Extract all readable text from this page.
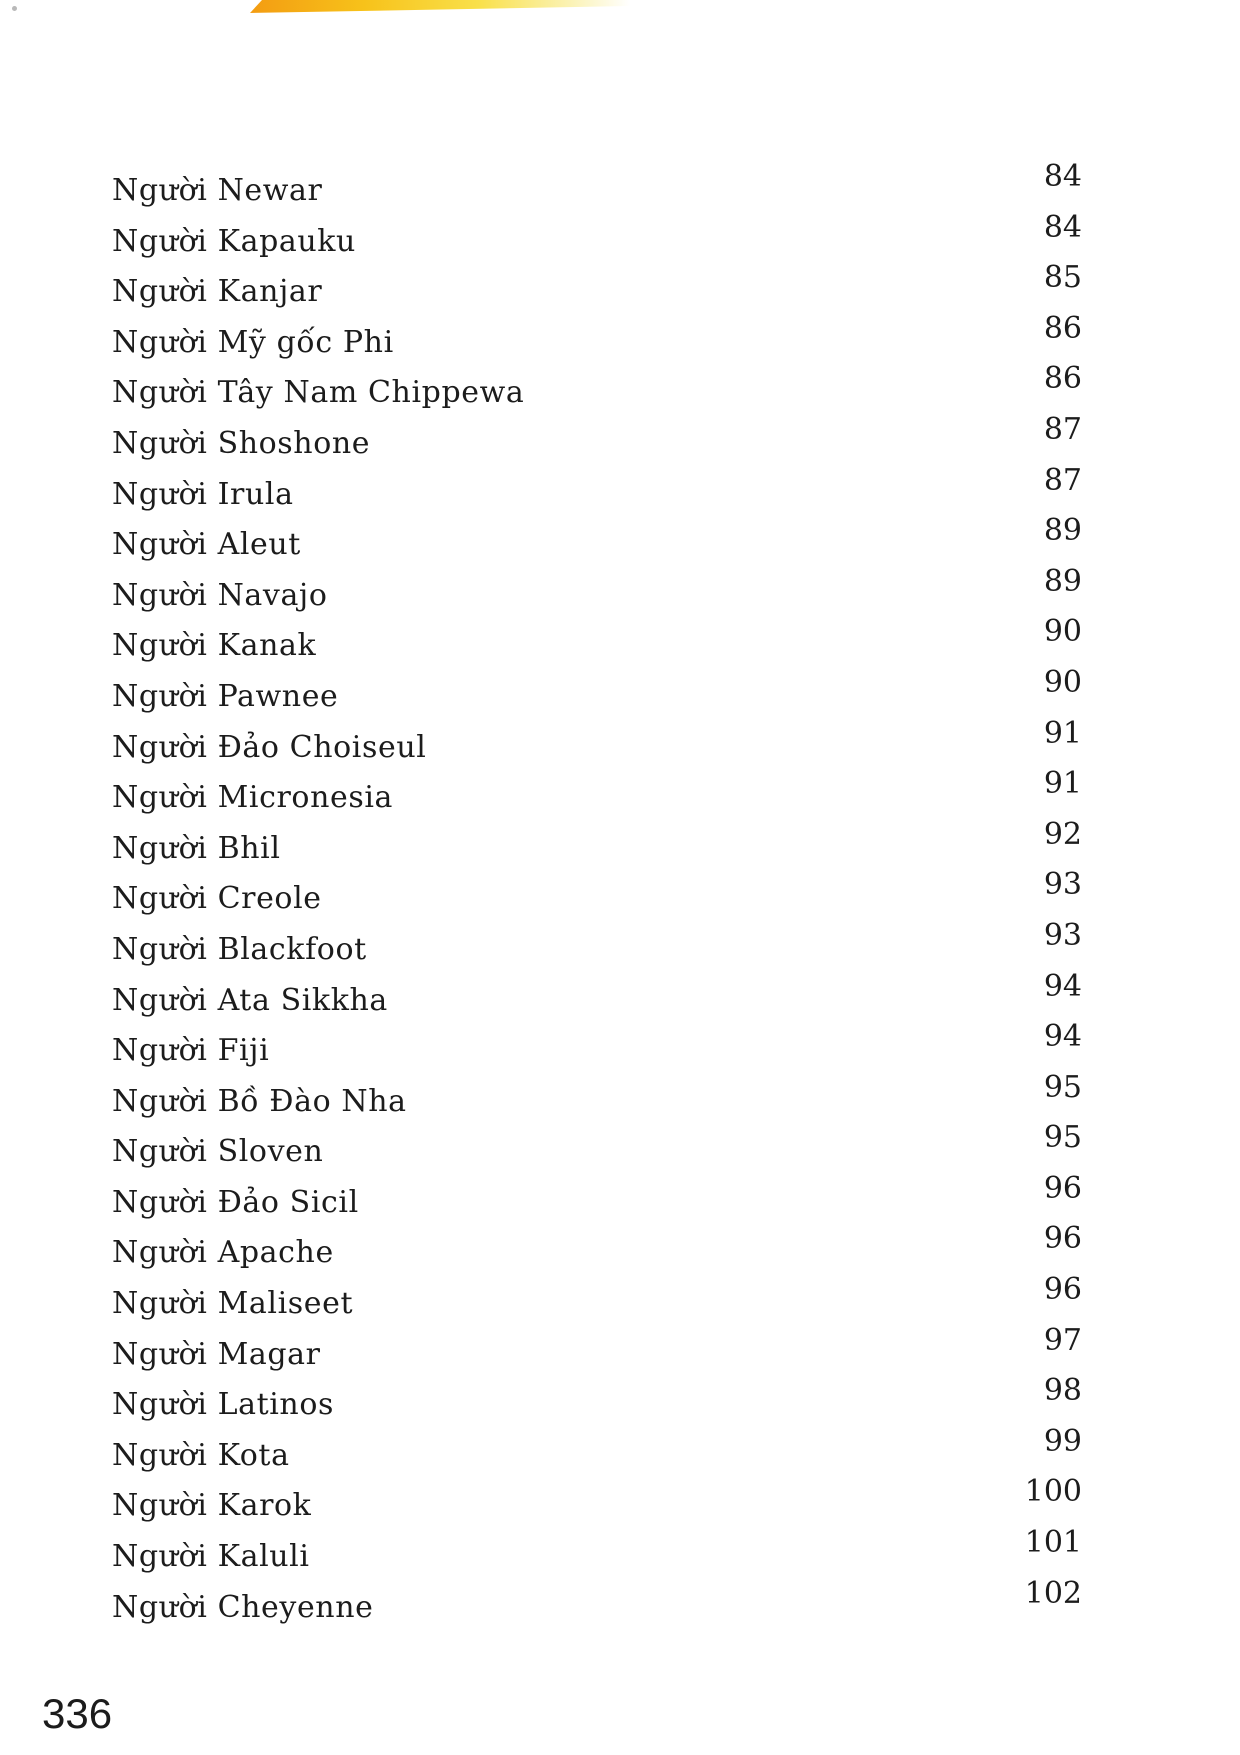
Người Newar	84
Người Kapauku	84
Người Kanjar	85
Người Mỹ gốc Phi	86
Người Tây Nam Chippewa	86
Người Shoshone	87
Người Irula	87
Người Aleut	89
Người Navajo	89
Người Kanak	90
Người Pawnee	90
Người Đảo Choiseul	91
Người Micronesia	91
Người Bhil	92
Người Creole	93
Người Blackfoot	93
Người Ata Sikkha	94
Người Fiji	94
Người Bồ Đào Nha	95
Người Sloven	95
Người Đảo Sicil	96
Người Apache	96
Người Maliseet	96
Người Magar	97
Người Latinos	98
Người Kota	99
Người Karok	100
Người Kaluli	101
Người Cheyenne	102
336
